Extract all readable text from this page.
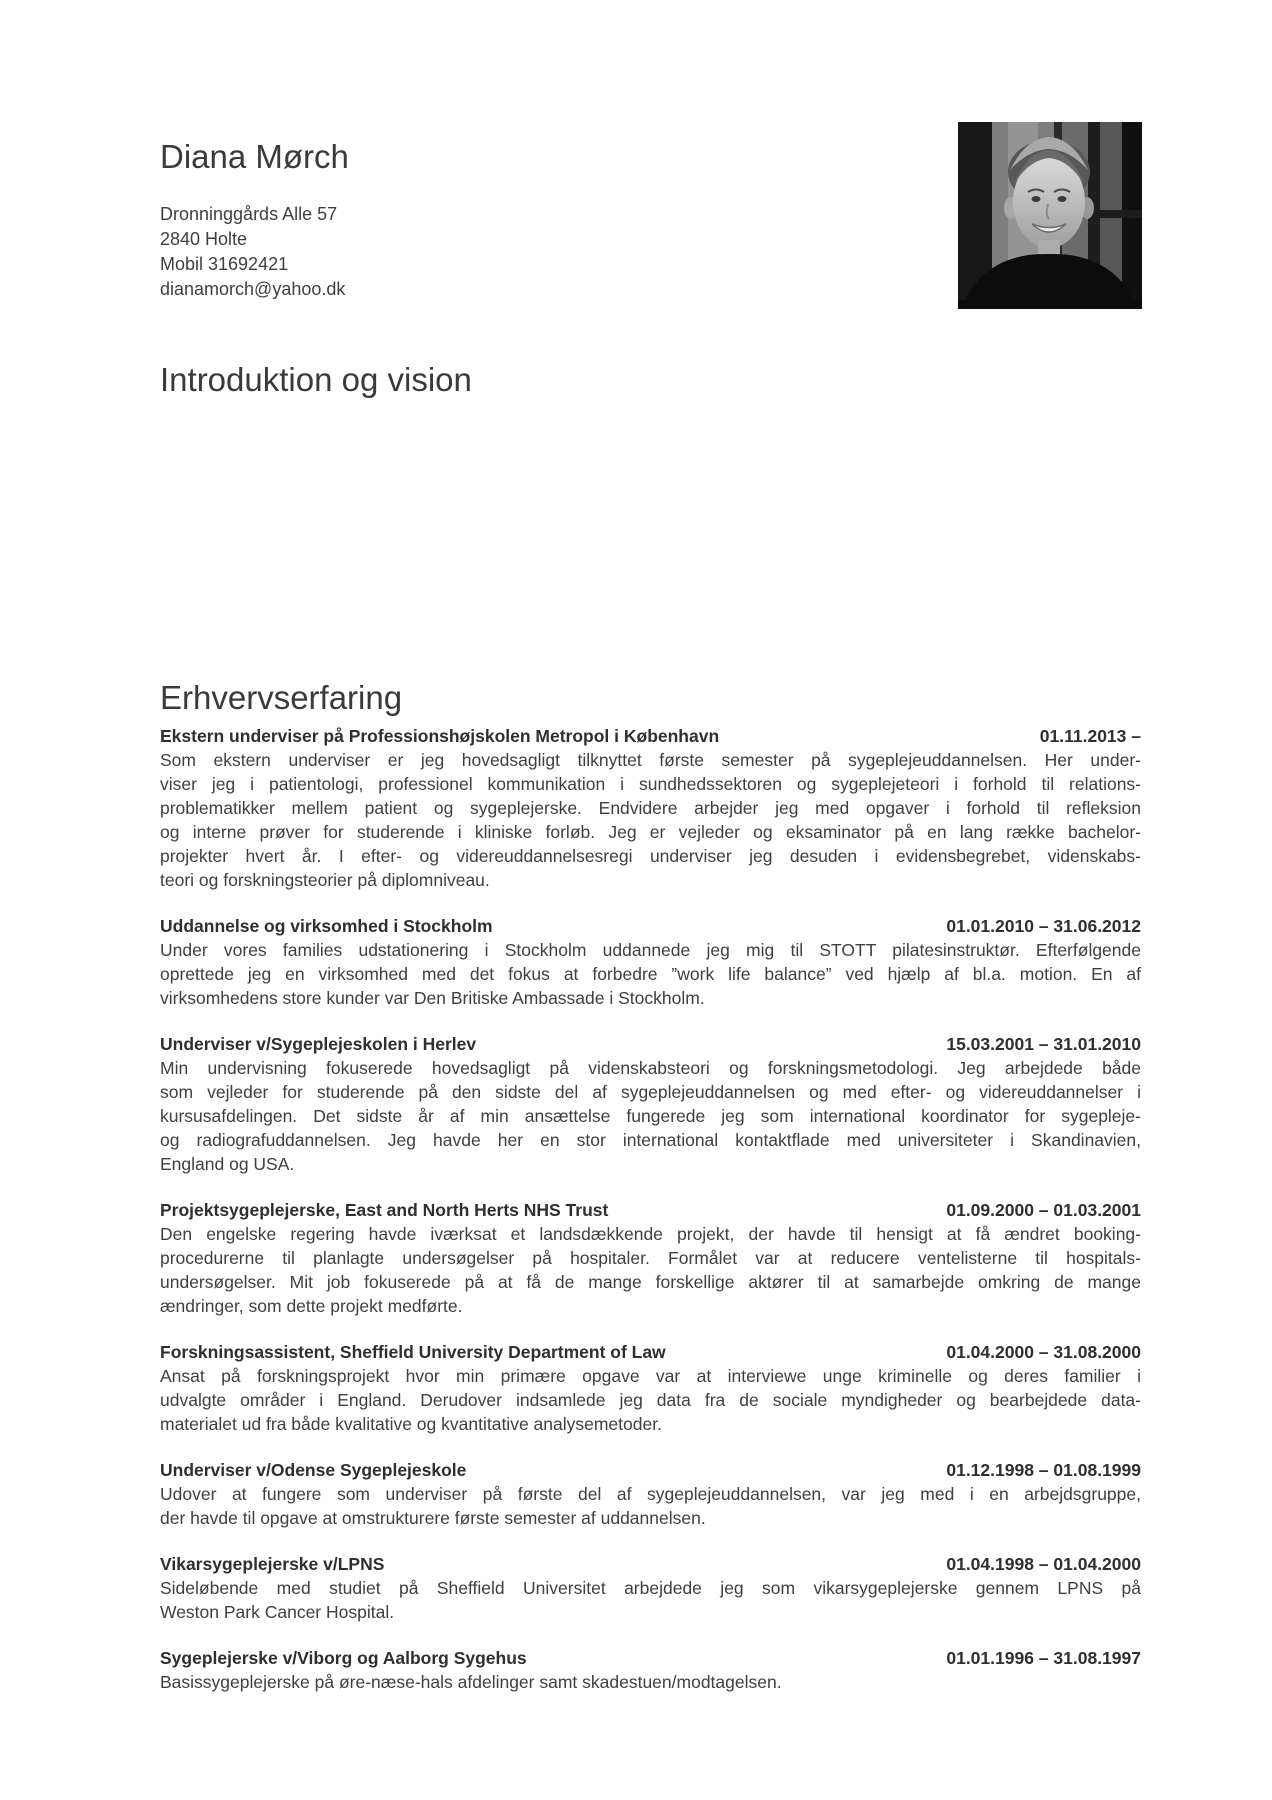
Diana Mørch
Dronninggårds Alle 57
2840 Holte
Mobil 31692421
dianamorch@yahoo.dk
Introduktion og vision
Erhvervserfaring
Ekstern underviser på Professionshøjskolen Metropol i København	01.11.2013 –
Som ekstern underviser er jeg hovedsagligt tilknyttet første semester på sygeplejeuddannelsen. Her under-
viser jeg i patientologi, professionel kommunikation i sundhedssektoren og sygeplejeteori i forhold til relations-
problematikker mellem patient og sygeplejerske. Endvidere arbejder jeg med opgaver i forhold til refleksion
og interne prøver for studerende i kliniske forløb. Jeg er vejleder og eksaminator på en lang række bachelor-
projekter hvert år. I efter- og videreuddannelsesregi underviser jeg desuden i evidensbegrebet, videnskabs-
teori og forskningsteorier på diplomniveau.
Uddannelse og virksomhed i Stockholm	01.01.2010 – 31.06.2012
Under vores families udstationering i Stockholm uddannede jeg mig til STOTT pilatesinstruktør. Efterfølgende
oprettede jeg en virksomhed med det fokus at forbedre ”work life balance” ved hjælp af bl.a. motion. En af
virksomhedens store kunder var Den Britiske Ambassade i Stockholm.
Underviser v/Sygeplejeskolen i Herlev	15.03.2001 – 31.01.2010
Min undervisning fokuserede hovedsagligt på videnskabsteori og forskningsmetodologi. Jeg arbejdede både
som vejleder for studerende på den sidste del af sygeplejeuddannelsen og med efter- og videreuddannelser i
kursusafdelingen. Det sidste år af min ansættelse fungerede jeg som international koordinator for sygepleje-
og radiografuddannelsen. Jeg havde her en stor international kontaktflade med universiteter i Skandinavien,
England og USA.
Projektsygeplejerske, East and North Herts NHS Trust	01.09.2000 – 01.03.2001
Den engelske regering havde iværksat et landsdækkende projekt, der havde til hensigt at få ændret booking-
procedurerne til planlagte undersøgelser på hospitaler. Formålet var at reducere ventelisterne til hospitals-
undersøgelser. Mit job fokuserede på at få de mange forskellige aktører til at samarbejde omkring de mange
ændringer, som dette projekt medførte.
Forskningsassistent, Sheffield University Department of Law	01.04.2000 – 31.08.2000
Ansat på forskningsprojekt hvor min primære opgave var at interviewe unge kriminelle og deres familier i
udvalgte områder i England. Derudover indsamlede jeg data fra de sociale myndigheder og bearbejdede data-
materialet ud fra både kvalitative og kvantitative analysemetoder.
Underviser v/Odense Sygeplejeskole	01.12.1998 – 01.08.1999
Udover at fungere som underviser på første del af sygeplejeuddannelsen, var jeg med i en arbejdsgruppe,
der havde til opgave at omstrukturere første semester af uddannelsen.
Vikarsygeplejerske v/LPNS	01.04.1998 – 01.04.2000
Sideløbende med studiet på Sheffield Universitet arbejdede jeg som vikarsygeplejerske gennem LPNS på
Weston Park Cancer Hospital.
Sygeplejerske v/Viborg og Aalborg Sygehus	01.01.1996 – 31.08.1997
Basissygeplejerske på øre-næse-hals afdelinger samt skadestuen/modtagelsen.
